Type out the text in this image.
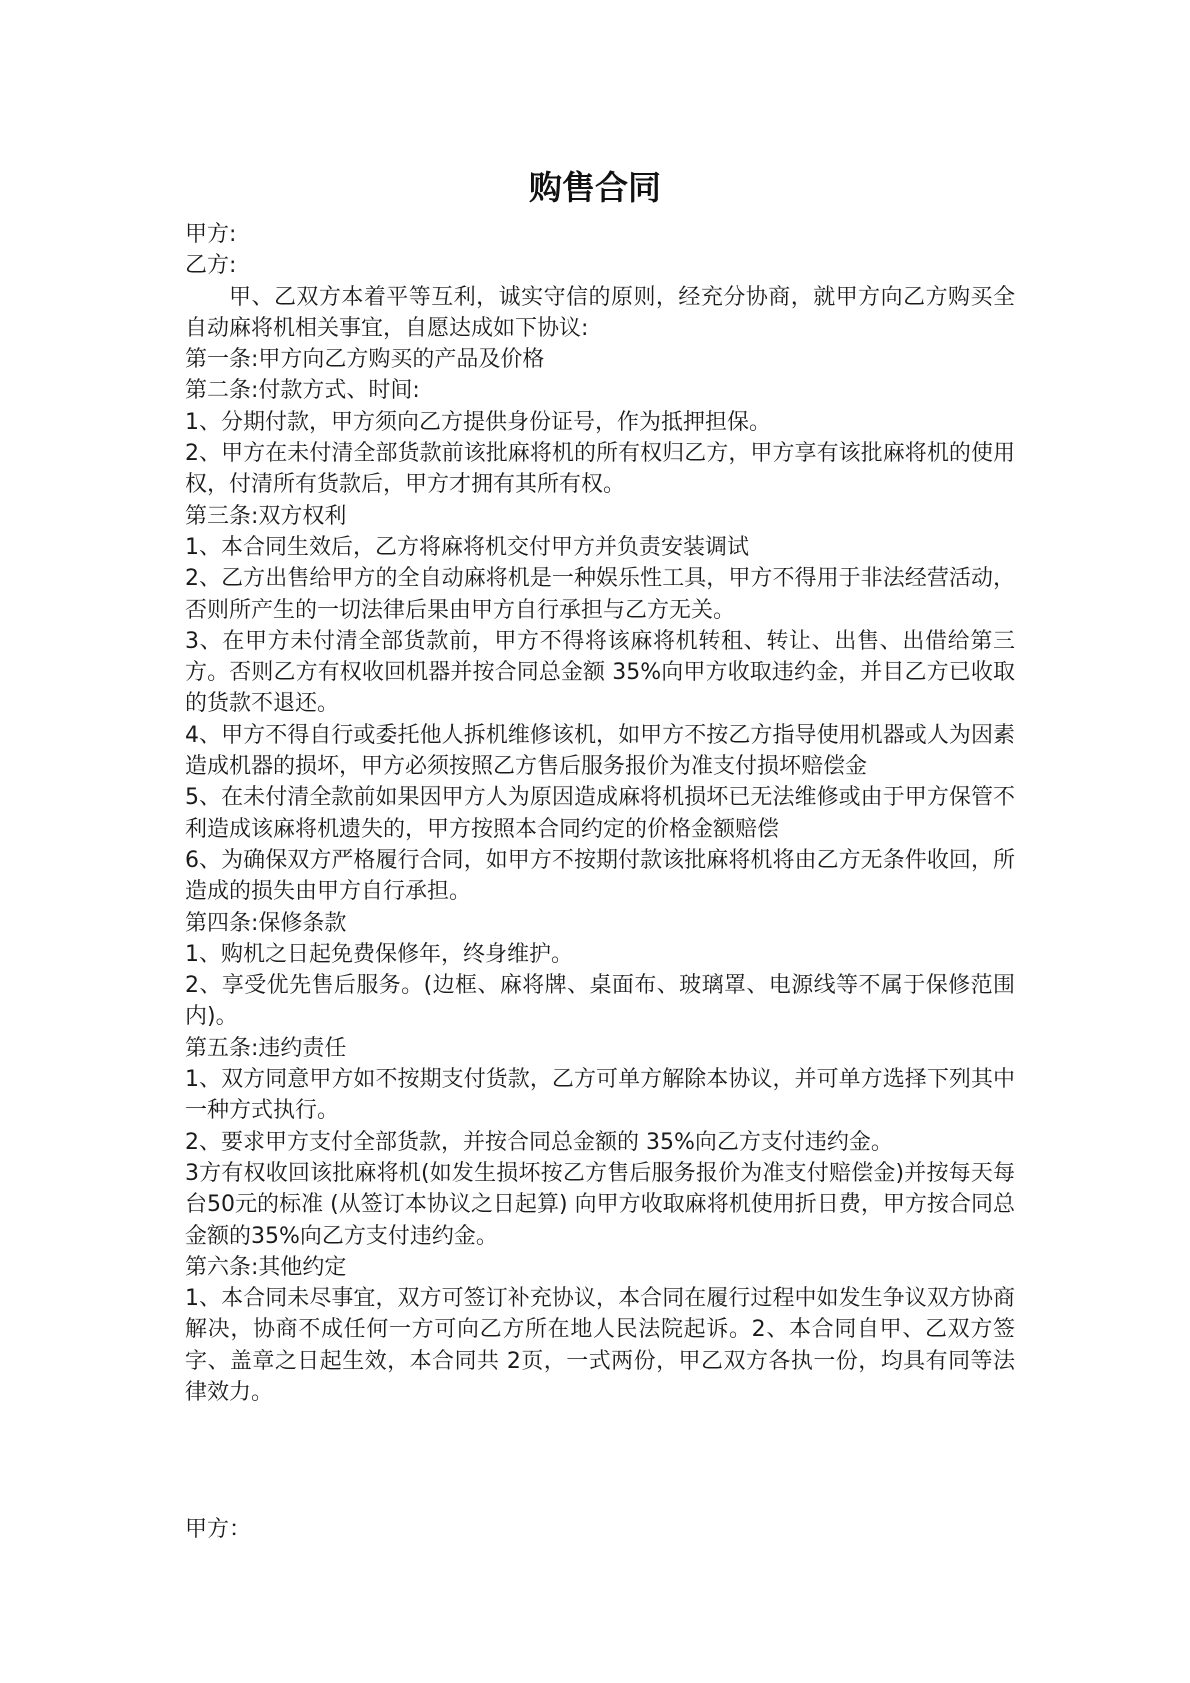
购售合同

甲方:

乙方:

甲、乙双方本着平等互利，诚实守信的原则，经充分协商，就甲方向乙方购买全自动麻将机相关事宜，自愿达成如下协议:

第一条:甲方向乙方购买的产品及价格

第二条:付款方式、时间:

1、分期付款，甲方须向乙方提供身份证号，作为抵押担保。

2、甲方在未付清全部货款前该批麻将机的所有权归乙方，甲方享有该批麻将机的使用权，付清所有货款后，甲方才拥有其所有权。

第三条:双方权利

1、本合同生效后，乙方将麻将机交付甲方并负责安装调试

2、乙方出售给甲方的全自动麻将机是一种娱乐性工具，甲方不得用于非法经营活动，否则所产生的一切法律后果由甲方自行承担与乙方无关。

3、在甲方未付清全部货款前，甲方不得将该麻将机转租、转让、出售、出借给第三方。否则乙方有权收回机器并按合同总金额 35%向甲方收取违约金，并目乙方已收取的货款不退还。

4、甲方不得自行或委托他人拆机维修该机，如甲方不按乙方指导使用机器或人为因素造成机器的损坏，甲方必须按照乙方售后服务报价为准支付损坏赔偿金

5、在未付清全款前如果因甲方人为原因造成麻将机损坏已无法维修或由于甲方保管不利造成该麻将机遗失的，甲方按照本合同约定的价格金额赔偿

6、为确保双方严格履行合同，如甲方不按期付款该批麻将机将由乙方无条件收回，所造成的损失由甲方自行承担。

第四条:保修条款

1、购机之日起免费保修年，终身维护。

2、享受优先售后服务。(边框、麻将牌、桌面布、玻璃罩、电源线等不属于保修范围内)。

第五条:违约责任

1、双方同意甲方如不按期支付货款，乙方可单方解除本协议，并可单方选择下列其中一种方式执行。

2、要求甲方支付全部货款，并按合同总金额的 35%向乙方支付违约金。

3方有权收回该批麻将机(如发生损坏按乙方售后服务报价为准支付赔偿金)并按每天每台50元的标准 (从签订本协议之日起算) 向甲方收取麻将机使用折日费，甲方按合同总金额的35%向乙方支付违约金。

第六条:其他约定

1、本合同未尽事宜，双方可签订补充协议，本合同在履行过程中如发生争议双方协商解决，协商不成任何一方可向乙方所在地人民法院起诉。2、本合同自甲、乙双方签字、盖章之日起生效，本合同共 2页，一式两份，甲乙双方各执一份，均具有同等法律效力。

甲方：
